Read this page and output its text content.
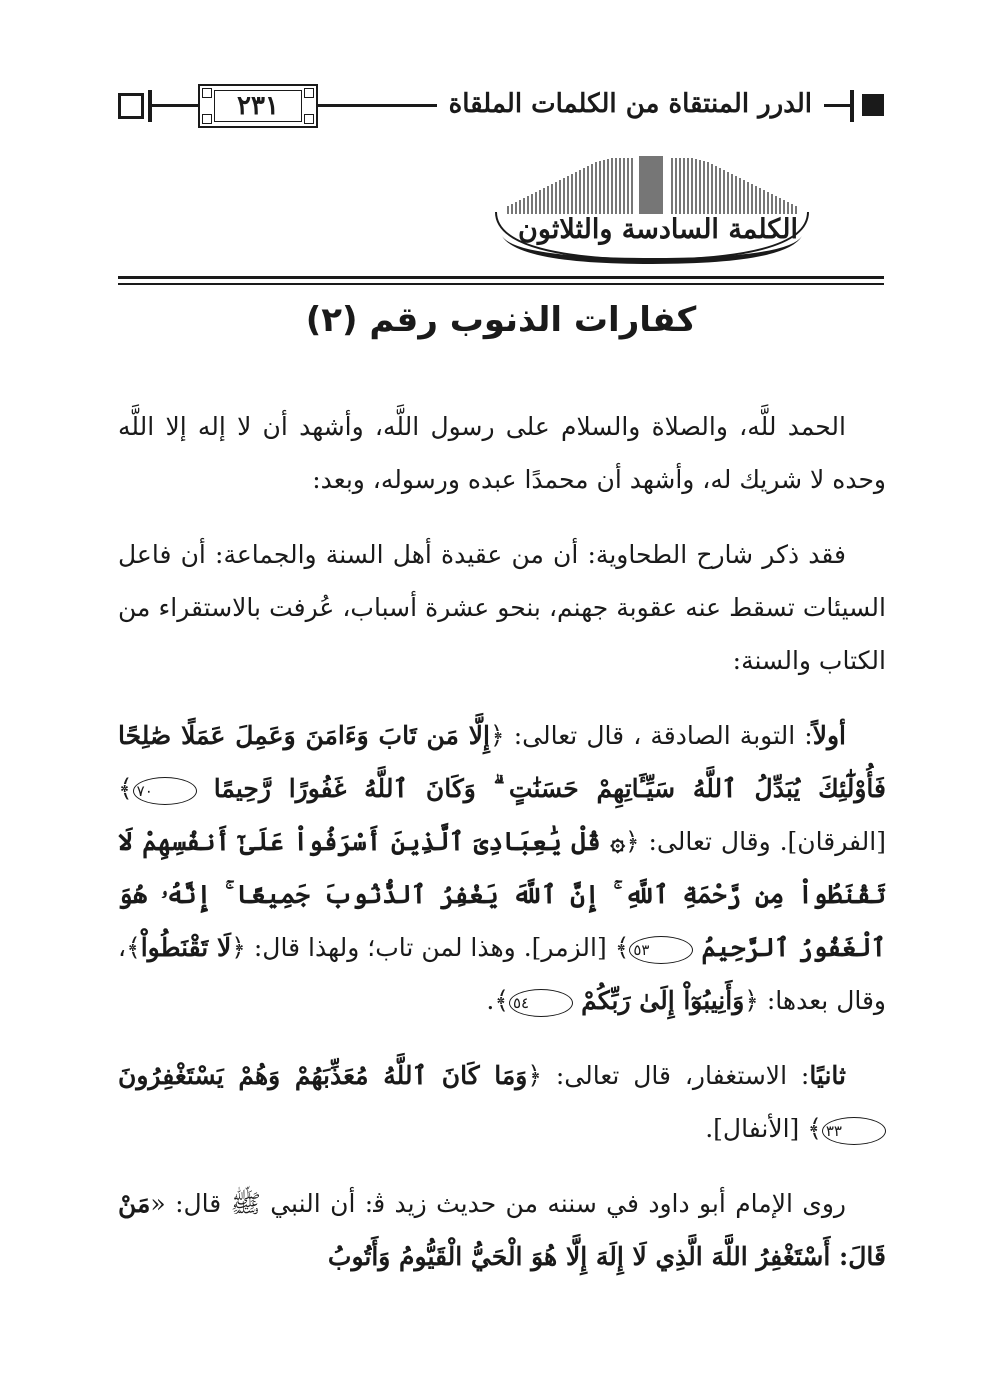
الدرر المنتقاة من الكلمات الملقاة
٢٣١
الكلمة السادسة والثلاثون
كفارات الذنوب رقم (٢)

الحمد للَّه، والصلاة والسلام على رسول اللَّه، وأشهد أن لا إله إلا اللَّه وحده لا شريك له، وأشهد أن محمدًا عبده ورسوله، وبعد:

فقد ذكر شارح الطحاوية: أن من عقيدة أهل السنة والجماعة: أن فاعل السيئات تسقط عنه عقوبة جهنم، بنحو عشرة أسباب، عُرفت بالاستقراء من الكتاب والسنة:

أولاً: التوبة الصادقة ، قال تعالى: ﴿إِلَّا مَن تَابَ وَءَامَنَ وَعَمِلَ عَمَلًا صَٰلِحًا فَأُوْلَٰٓئِكَ يُبَدِّلُ ٱللَّهُ سَيِّـَٔاتِهِمْ حَسَنَٰتٍ ۗ وَكَانَ ٱللَّهُ غَفُورًا رَّحِيمًا ٧٠﴾ [الفرقان]. وقال تعالى: ﴿۞ قُلْ يَٰعِبَادِىَ ٱلَّذِينَ أَسْرَفُواْ عَلَىٰٓ أَنفُسِهِمْ لَا تَقْنَطُواْ مِن رَّحْمَةِ ٱللَّهِ ۚ إِنَّ ٱللَّهَ يَغْفِرُ ٱلذُّنُوبَ جَمِيعًا ۚ إِنَّهُۥ هُوَ ٱلْغَفُورُ ٱلرَّحِيمُ ٥٣﴾ [الزمر]. وهذا لمن تاب؛ ولهذا قال: ﴿لَا تَقْنَطُواْ﴾، وقال بعدها: ﴿وَأَنِيبُوٓاْ إِلَىٰ رَبِّكُمْ ٥٤﴾.

ثانيًا: الاستغفار، قال تعالى: ﴿وَمَا كَانَ ٱللَّهُ مُعَذِّبَهُمْ وَهُمْ يَسْتَغْفِرُونَ ٣٣﴾ [الأنفال].

روى الإمام أبو داود في سننه من حديث زيد ﭬ: أن النبي ﷺ قال: «مَنْ قَالَ: أَسْتَغْفِرُ اللَّهَ الَّذِي لَا إِلَهَ إِلَّا هُوَ الْحَيُّ الْقَيُّومُ وَأَتُوبُ
